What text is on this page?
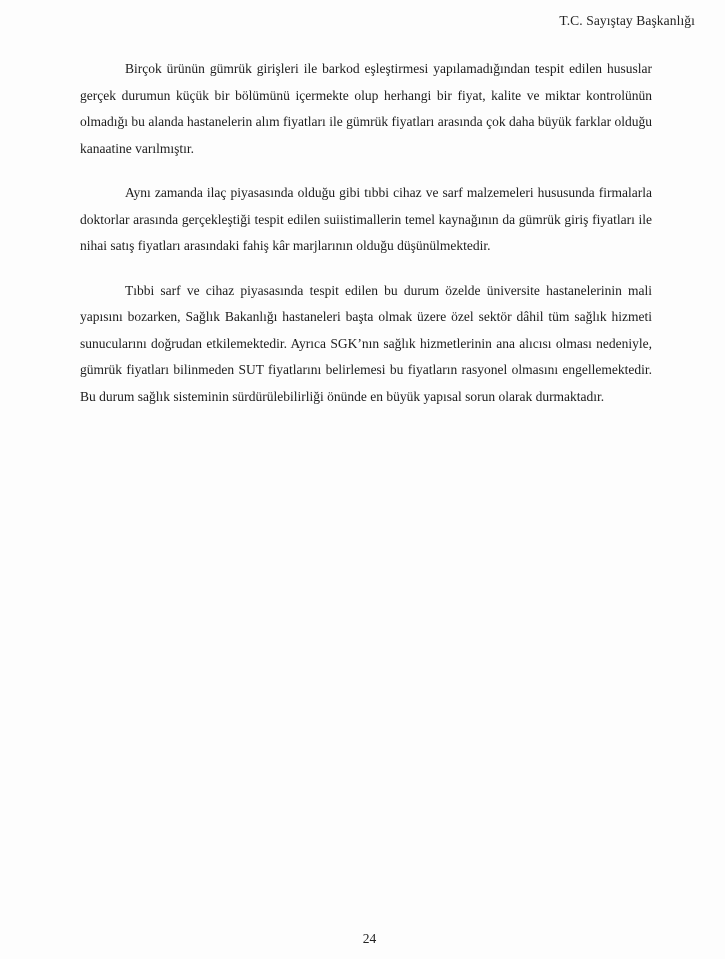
T.C. Sayıştay Başkanlığı

Birçok ürünün gümrük girişleri ile barkod eşleştirmesi yapılamadığından tespit edilen hususlar gerçek durumun küçük bir bölümünü içermekte olup herhangi bir fiyat, kalite ve miktar kontrolünün olmadığı bu alanda hastanelerin alım fiyatları ile gümrük fiyatları arasında çok daha büyük farklar olduğu kanaatine varılmıştır.

Aynı zamanda ilaç piyasasında olduğu gibi tıbbi cihaz ve sarf malzemeleri hususunda firmalarla doktorlar arasında gerçekleştiği tespit edilen suiistimallerin temel kaynağının da gümrük giriş fiyatları ile nihai satış fiyatları arasındaki fahiş kâr marjlarının olduğu düşünülmektedir.

Tıbbi sarf ve cihaz piyasasında tespit edilen bu durum özelde üniversite hastanelerinin mali yapısını bozarken, Sağlık Bakanlığı hastaneleri başta olmak üzere özel sektör dâhil tüm sağlık hizmeti sunucularını doğrudan etkilemektedir. Ayrıca SGK’nın sağlık hizmetlerinin ana alıcısı olması nedeniyle, gümrük fiyatları bilinmeden SUT fiyatlarını belirlemesi bu fiyatların rasyonel olmasını engellemektedir. Bu durum sağlık sisteminin sürdürülebilirliği önünde en büyük yapısal sorun olarak durmaktadır.

24
